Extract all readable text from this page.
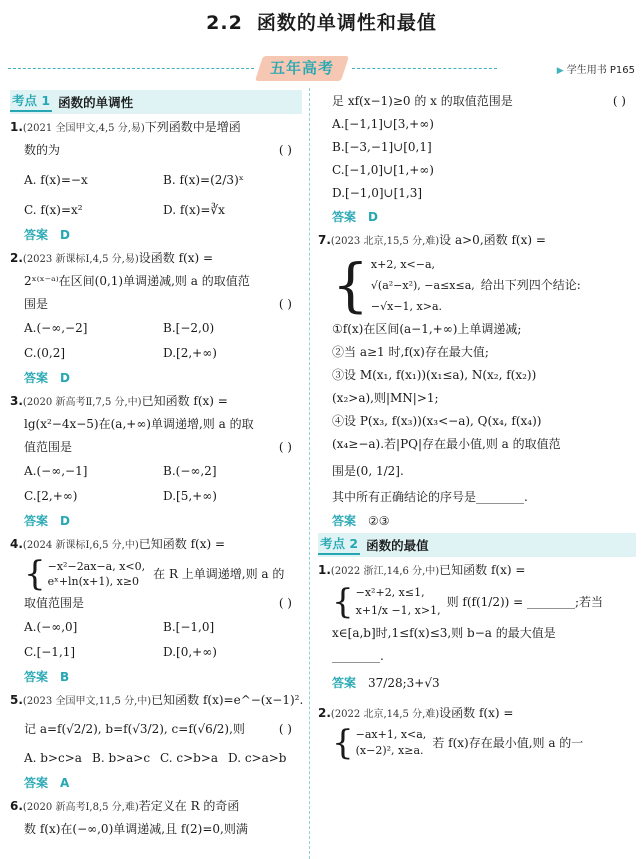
2.2 函数的单调性和最值
五年高考	▶ 学生用书 P165
考点 1 函数的单调性
1.(2021 全国甲文,4,5 分,易)下列函数中是增函
数的为	( )
A. f(x)=−x	B. f(x)=(2/3)ˣ
C. f(x)=x²	D. f(x)=∛x
答案 D
2.(2023 新课标Ⅰ,4,5 分,易)设函数 f(x) =
2ˣ⁽ˣ⁻ᵃ⁾在区间(0,1)单调递减,则 a 的取值范
围是	( )
A.(−∞,−2]	B.[−2,0)
C.(0,2]	D.[2,+∞)
答案 D
3.(2020 新高考Ⅱ,7,5 分,中)已知函数 f(x) =
lg(x²−4x−5)在(a,+∞)单调递增,则 a 的取
值范围是	( )
A.(−∞,−1]	B.(−∞,2]
C.[2,+∞)	D.[5,+∞)
答案 D
4.(2024 新课标Ⅰ,6,5 分,中)已知函数 f(x) =
{ −x²−2ax−a, x<0,
eˣ+ln(x+1), x≥0
在 R 上单调递增,则 a 的
取值范围是	( )
A.(−∞,0]	B.[−1,0]
C.[−1,1]	D.[0,+∞)
答案 B
5.(2023 全国甲文,11,5 分,中)已知函数 f(x)=e^−(x−1)².
记 a=f(√2/2), b=f(√3/2), c=f(√6/2),则	( )
A. b>c>a B. b>a>c C. c>b>a D. c>a>b
答案 A
6.(2020 新高考Ⅰ,8,5 分,难)若定义在 R 的奇函
数 f(x)在(−∞,0)单调递减,且 f(2)=0,则满
足 xf(x−1)≥0 的 x 的取值范围是	( )
A.[−1,1]∪[3,+∞)
B.[−3,−1]∪[0,1]
C.[−1,0]∪[1,+∞)
D.[−1,0]∪[1,3]
答案 D
7.(2023 北京,15,5 分,难)设 a>0,函数 f(x) =
{ x+2, x<−a,
√(a²−x²), −a≤x≤a,
−√x−1, x>a.
给出下列四个结论:
①f(x)在区间(a−1,+∞)上单调递减;
②当 a≥1 时,f(x)存在最大值;
③设 M(x₁, f(x₁))(x₁≤a), N(x₂, f(x₂))
(x₂>a),则|MN|>1;
④设 P(x₃, f(x₃))(x₃<−a), Q(x₄, f(x₄))
(x₄≥−a).若|PQ|存在最小值,则 a 的取值范
围是(0, 1/2].
其中所有正确结论的序号是________.
答案 ②③
考点 2 函数的最值
1.(2022 浙江,14,6 分,中)已知函数 f(x) =
{ −x²+2, x≤1,
x+1/x −1, x>1,
则 f(f(1/2)) = ________;若当
x∈[a,b]时,1≤f(x)≤3,则 b−a 的最大值是
________.
答案 37/28;3+√3
2.(2022 北京,14,5 分,难)设函数 f(x) =
{ −ax+1, x<a,
(x−2)², x≥a.
若 f(x)存在最小值,则 a 的一
